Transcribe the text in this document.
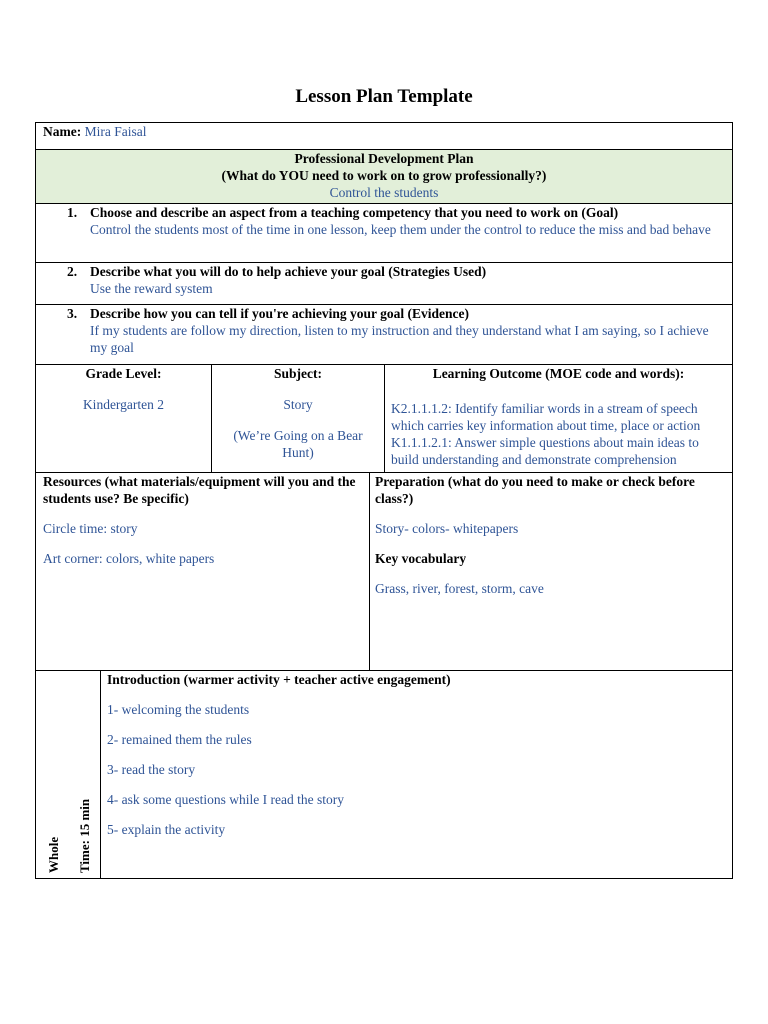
Lesson Plan Template
Name: Mira Faisal
Professional Development Plan
(What do YOU need to work on to grow professionally?)
Control the students
1. Choose and describe an aspect from a teaching competency that you need to work on (Goal)
Control the students most of the time in one lesson, keep them under the control to reduce the miss and bad behave
2. Describe what you will do to help achieve your goal (Strategies Used)
Use the reward system
3. Describe how you can tell if you're achieving your goal (Evidence)
If my students are follow my direction, listen to my instruction and they understand what I am saying, so I achieve my goal
Grade Level:
Kindergarten 2
Subject:
Story
(We’re Going on a Bear Hunt)
Learning Outcome (MOE code and words):
K2.1.1.1.2: Identify familiar words in a stream of speech which carries key information about time, place or action
K1.1.1.2.1: Answer simple questions about main ideas to build understanding and demonstrate comprehension
Resources (what materials/equipment will you and the students use? Be specific)
Circle time: story
Art corner: colors, white papers
Preparation (what do you need to make or check before class?)
Story- colors- whitepapers
Key vocabulary
Grass, river, forest, storm, cave
Whole Time: 15 min
Introduction (warmer activity + teacher active engagement)
1- welcoming the students
2- remained them the rules
3- read the story
4- ask some questions while I read the story
5- explain the activity
